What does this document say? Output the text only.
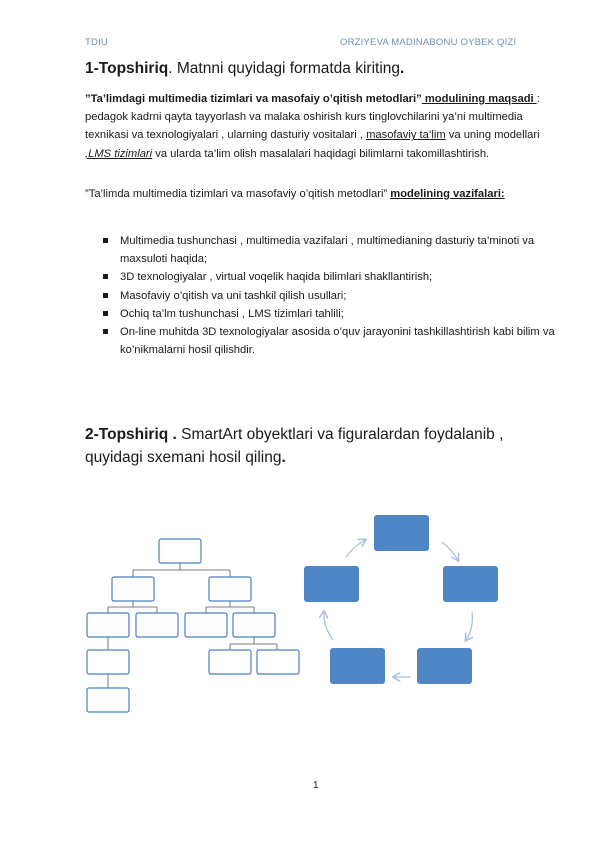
TDIU	ORZIYEVA MADINABONU OYBEK QIZI
1-Topshiriq. Matnni quyidagi formatda kiriting.
”Ta’limdagi multimedia tizimlari va masofaiy o’qitish metodlari” modulining maqsadi : pedagok kadrni qayta tayyorlash va malaka oshirish kurs tinglovchilarini ya’ni multimedia texnikasi va texnologiyalari , ularning dasturiy vositalari , masofaviy ta’lim va uning modellari ,LMS tizimlari va ularda ta’lim olish masalalari haqidagi bilimlarni takomillashtirish.
”Ta’limda multimedia tizimlari va masofaviy o’qitish metodlari” modelining vazifalari:
Multimedia tushunchasi , multimedia vazifalari , multimedianing dasturiy ta’minoti va maxsuloti haqida;
3D texnologiyalar , virtual voqelik haqida bilimlari shakllantirish;
Masofaviy o’qitish va uni tashkil qilish usullari;
Ochiq ta’lm tushunchasi , LMS tizimlari tahlili;
On-line muhitda 3D texnologiyalar asosida o’quv jarayonini tashkillashtirish kabi bilim va ko’nikmalarni hosil qilishdir.
2-Topshiriq . SmartArt obyektlari va figuralardan foydalanib , quyidagi sxemani hosil qiling.
1
